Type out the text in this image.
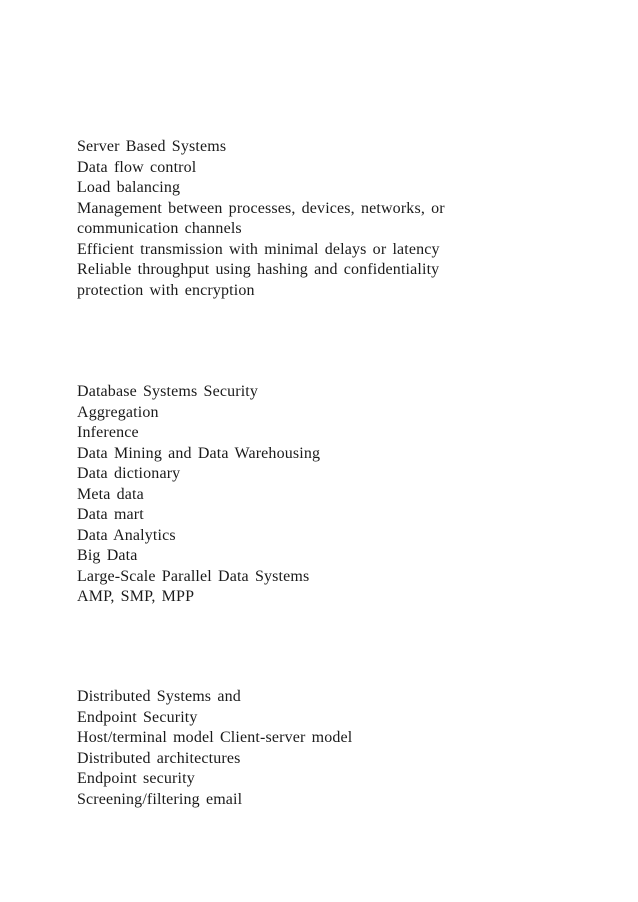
Server Based Systems
Data flow control
Load balancing
Management between processes, devices, networks, or
communication channels
Efficient transmission with minimal delays or latency
Reliable throughput using hashing and confidentiality
protection with encryption
Database Systems Security
Aggregation
Inference
Data Mining and Data Warehousing
Data dictionary
Meta data
Data mart
Data Analytics
Big Data
Large-Scale Parallel Data Systems
AMP, SMP, MPP
Distributed Systems and
Endpoint Security
Host/terminal model Client-server model
Distributed architectures
Endpoint security
Screening/filtering email
